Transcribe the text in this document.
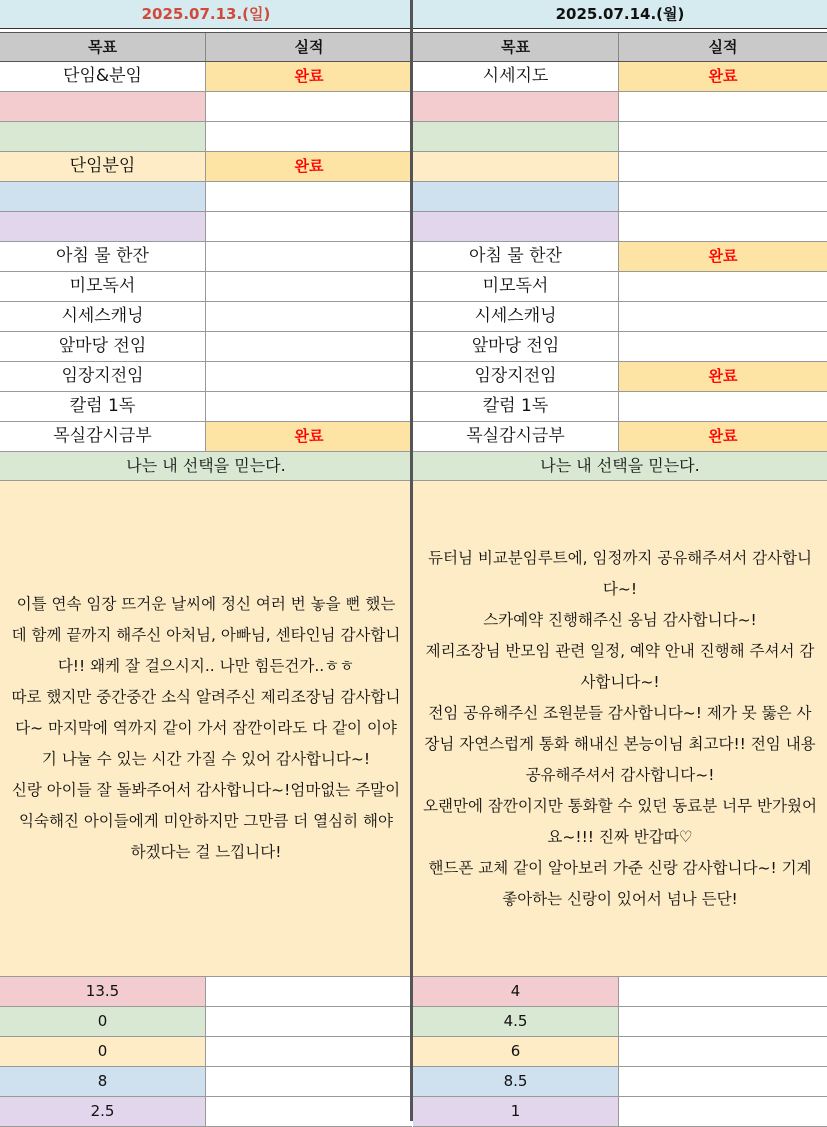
2025.07.13.(일)
목표	실적
단임&분임	완료
단임분임	완료
아침 물 한잔
미모독서
시세스캐닝
앞마당 전임
임장지전임
칼럼 1독
목실감시금부	완료
나는 내 선택을 믿는다.
이틀 연속 임장 뜨거운 날씨에 정신 여러 번 놓을 뻔 했는데 함께 끝까지 해주신 아처님, 아빠님, 센타인님 감사합니다!! 왜케 잘 걸으시지.. 나만 힘든건가..ㅎㅎ
따로 했지만 중간중간 소식 알려주신 제리조장님 감사합니다~ 마지막에 역까지 같이 가서 잠깐이라도 다 같이 이야기 나눌 수 있는 시간 가질 수 있어 감사합니다~!
신랑 아이들 잘 돌봐주어서 감사합니다~!엄마없는 주말이 익숙해진 아이들에게 미안하지만 그만큼 더 열심히 해야 하겠다는 걸 느낍니다!
13.5
0
0
8
2.5
2025.07.14.(월)
목표	실적
시세지도	완료
아침 물 한잔	완료
미모독서
시세스캐닝
앞마당 전임
임장지전임	완료
칼럼 1독
목실감시금부	완료
나는 내 선택을 믿는다.
듀터님 비교분임루트에, 임정까지 공유해주셔서 감사합니다~!
스카예약 진행해주신 옹님 감사합니다~!
제리조장님 반모임 관련 일정, 예약 안내 진행해 주셔서 감사합니다~!
전임 공유해주신 조원분들 감사합니다~! 제가 못 뚫은 사장님 자연스럽게 통화 해내신 본능이님 최고다!! 전임 내용 공유해주셔서 감사합니다~!
오랜만에 잠깐이지만 통화할 수 있던 동료분 너무 반가웠어요~!!! 진짜 반갑따♡
핸드폰 교체 같이 알아보러 가준 신랑 감사합니다~! 기계 좋아하는 신랑이 있어서 넘나 든단!
4
4.5
6
8.5
1
